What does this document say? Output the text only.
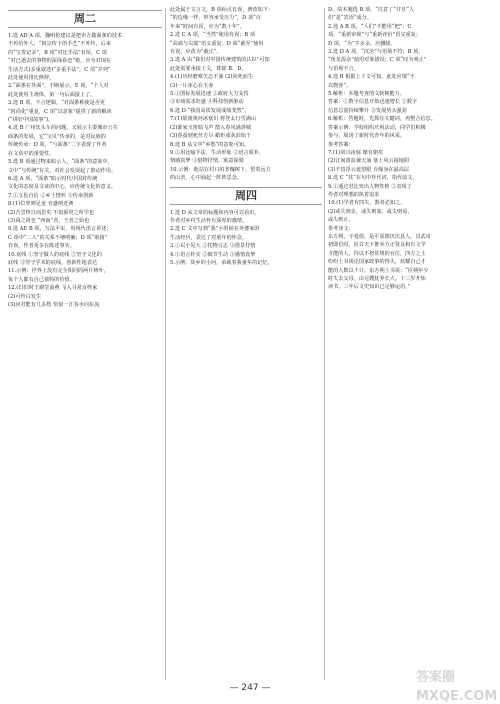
周二
1.选 AD A 项，魏明伦建议是把卖方做面条的技术
不传给外人，“祖宗传下的手艺”不外传，后来
的“宝贵记录”，B 项“对比手法”有误，C 项
“对已逝去的事物的深深眷恋”错，应为对现在
生活方式(多重叙述)“多重手法”，C 项“并列”
此处使用排比修辞。
2.“面条在外面”，不断展示，E 项，“个人对
此处使用主观体，第一句后面接上了。
3.选 B 项，不合逻辑，“对面条称使是否更
“时尚化”重复，C 项“以意象”提供了新的解读
(“讲好中国故事”)。
4.选 B 广州饮头车的问题，又展示主要城市公共
面条的发展，它“宝贝”传承的，是对民族的
传统传承：D 项，“与面条”二字表现了作者
在文章中的重要性。
5.选 B 项通过物来暗示人，“面条”的意象中，
文中“与传统”有关，对社会发展起了推动作用。
6.选 A 项，“面条”暗示时代中国对传统
文化的态度及文章的中心，应传统文化的意义。
7.①文化自信 ②乡土情怀 ③传承创新
8.(1)位卑则足羞 官盛则近谀
(2)吾尝终日而思矣 不如须臾之所学也
(3)舜之祖也 “西南”者，王者之始也
9.选 AE B 项，写法平实，用现代语言讲述；
C 项中“二人”的关系不够明确；D 项“颂扬”
有误，作者更多在陈述事实。
10.底线 ①坚守做人的底线 ②坚守文化的
底线 ③坚守学术的底线，创新性地表达
11.示例：世界上没有完全相同的两片树叶，
每个人都有自己独特的价值。
12.(1)旧时王谢堂前燕 飞入寻常百姓家
(2)可怜白发生
(3)问君能有几多愁 恰似一江春水向东流
此处属于文言文，B 项标点有误，修改如下：
“的边缘一样，形容承受压力”，D 项“百
年来”时间有误，应为“数十年”。
2.选 C A 项，“当然”使用有误；B 项
“高端与尖端”语义重复；D 项“截至”使用
有误，应改为“截止”。
3.选 A 由“我们对中国传统建筑的认识”可知
此处需要承接上文，排除 B、D。
4.(1)历经磨难矢志不渝 (2)向死而生
(3)一片冰心在玉壶
5.①图标发展迅速 ②政府大力支持
③市场需求旺盛 ④科技创新驱动
6.选 D “我国高铁发展成绩斐然”，
7.(1)欲渡黄河冰塞川 将登太行雪满山
(2)谁家玉笛暗飞声 散入春风满洛城
(3)春蚕到死丝方尽 蜡炬成灰泪始干
8.选 B 从文中“乡愁”的意象可知。
9.①用比喻手法，生动形象 ②语言质朴，
情感真挚 ③借物抒情，寓意深刻
10.示例：他站在村口的老槐树下，望着远方
的山峦，心中涌起一阵阵思念。
周四
1.选 D 从文章的标题和内容可以看出，
作者对乡村生活怀有深厚的感情。
2.选 C 文中写到“我”小时候在外婆家的
生活经历，表达了对童年的怀念。
3.①以小见大 ②托物言志 ③借景抒情
4.①语言朴实 ②细节生动 ③感情真挚
5.示例：故乡的小河，承载着我童年的记忆。
D，故本题选 B 项，“注意了”并且“人
们”是“宾语”成分。
2.选 A B 项，“人们”不能用“把”；C
项，“重新审视”与“重新评价”语义重复；
D 项，“为”字多余，应删除。
3.选 D A 项，“沉沦”与语境不符；B 项，
“鱼龙混杂”使用对象错误；C 项“叹为观止”
与语境不合。
4.选 B 根据上下文可知，此处应填“不
以物喜”。
5.解析：本题考查图文转换能力。
答案：①数字信息开始迅速增长 ②数字
信息总量持续攀升 ③发展势头强劲
6.解析：答题时，先抓住关键词，再整合信息。
答案示例：学校组织庆祝活动，同学们积极
参与，展现了新时代青年的风采。
参考答案：
7.(1)夙兴夜寐 靡有朝矣
(2)江间波浪兼天涌 塞上风云接地阴
(3)不畏浮云遮望眼 自缘身在最高层
8.选 C “其”在句中作代词，指代前文。
9.①通过对比突出人物性格 ②表现了
作者对理想的执着追求
10.(1)学者有四失，教者必知之。
(2)或失则多，或失则寡，或失则易，
或失则止。
参考译文：
东方朔，字曼倩，是平原郡厌次县人。汉武帝
初即位时，征召天下推举方正贤良和有文学
才能的人，待以不按常规的官位，四方之士
纷纷上书谈论国家政事的得失，炫耀自己才
能的人数以千计。东方朔上书说：“臣朔年少
时失去父母，由兄嫂抚养长大。十三岁开始
读书，三年后文史知识已足够运用。”
— 247 —
答案圈
MXQE.COM
